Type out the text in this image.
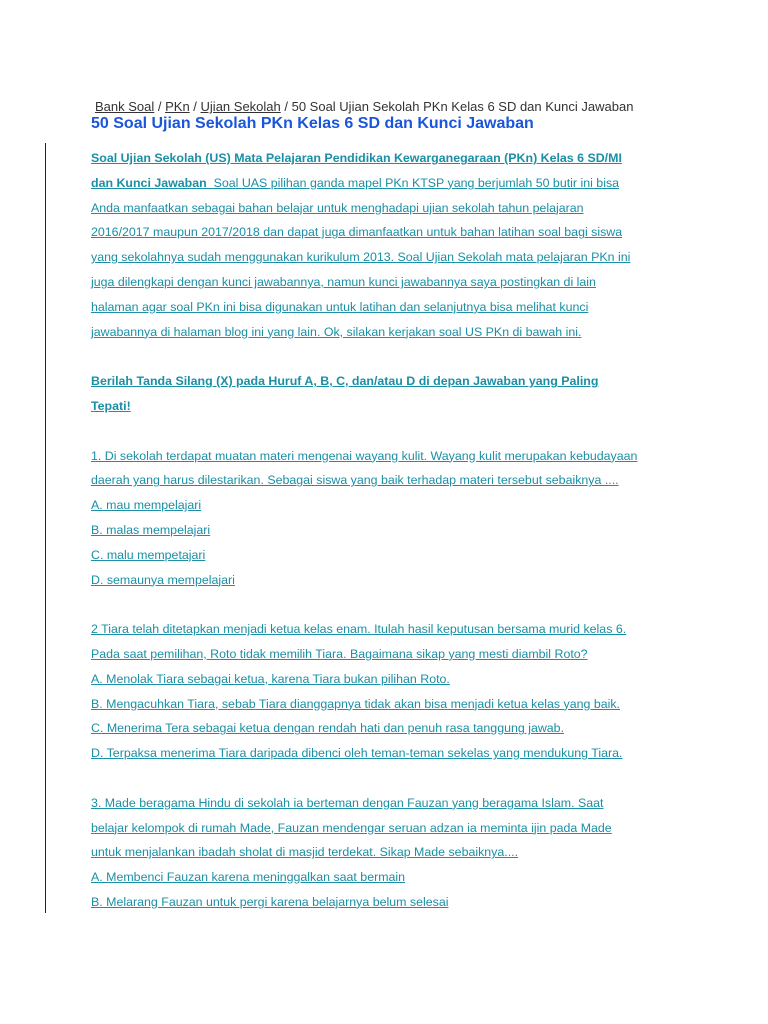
Bank Soal / PKn / Ujian Sekolah / 50 Soal Ujian Sekolah PKn Kelas 6 SD dan Kunci Jawaban
50 Soal Ujian Sekolah PKn Kelas 6 SD dan Kunci Jawaban

Soal Ujian Sekolah (US) Mata Pelajaran Pendidikan Kewarganegaraan (PKn) Kelas 6 SD/MI
dan Kunci Jawaban_Soal UAS pilihan ganda mapel PKn KTSP yang berjumlah 50 butir ini bisa
Anda manfaatkan sebagai bahan belajar untuk menghadapi ujian sekolah tahun pelajaran
2016/2017 maupun 2017/2018 dan dapat juga dimanfaatkan untuk bahan latihan soal bagi siswa
yang sekolahnya sudah menggunakan kurikulum 2013. Soal Ujian Sekolah mata pelajaran PKn ini
juga dilengkapi dengan kunci jawabannya, namun kunci jawabannya saya postingkan di lain
halaman agar soal PKn ini bisa digunakan untuk latihan dan selanjutnya bisa melihat kunci
jawabannya di halaman blog ini yang lain. Ok, silakan kerjakan soal US PKn di bawah ini.

Berilah Tanda Silang (X) pada Huruf A, B, C, dan/atau D di depan Jawaban yang Paling
Tepati!

1. Di sekolah terdapat muatan materi mengenai wayang kulit. Wayang kulit merupakan kebudayaan
daerah yang harus dilestarikan. Sebagai siswa yang baik terhadap materi tersebut sebaiknya ....
A. mau mempelajari
B. malas mempelajari
C. malu mempetajari
D. semaunya mempelajari
2 Tiara telah ditetapkan menjadi ketua kelas enam. Itulah hasil keputusan bersama murid kelas 6.
Pada saat pemilihan, Roto tidak memilih Tiara. Bagaimana sikap yang mesti diambil Roto?
A. Menolak Tiara sebagai ketua, karena Tiara bukan pilihan Roto.
B. Mengacuhkan Tiara, sebab Tiara dianggapnya tidak akan bisa menjadi ketua kelas yang baik.
C. Menerima Tera sebagai ketua dengan rendah hati dan penuh rasa tanggung jawab.
D. Terpaksa menerima Tiara daripada dibenci oleh teman-teman sekelas yang mendukung Tiara.
3. Made beragama Hindu di sekolah ia berteman dengan Fauzan yang beragama Islam. Saat
belajar kelompok di rumah Made, Fauzan mendengar seruan adzan ia meminta ijin pada Made
untuk menjalankan ibadah sholat di masjid terdekat. Sikap Made sebaiknya....
A. Membenci Fauzan karena meninggalkan saat bermain
B. Melarang Fauzan untuk pergi karena belajarnya belum selesai
